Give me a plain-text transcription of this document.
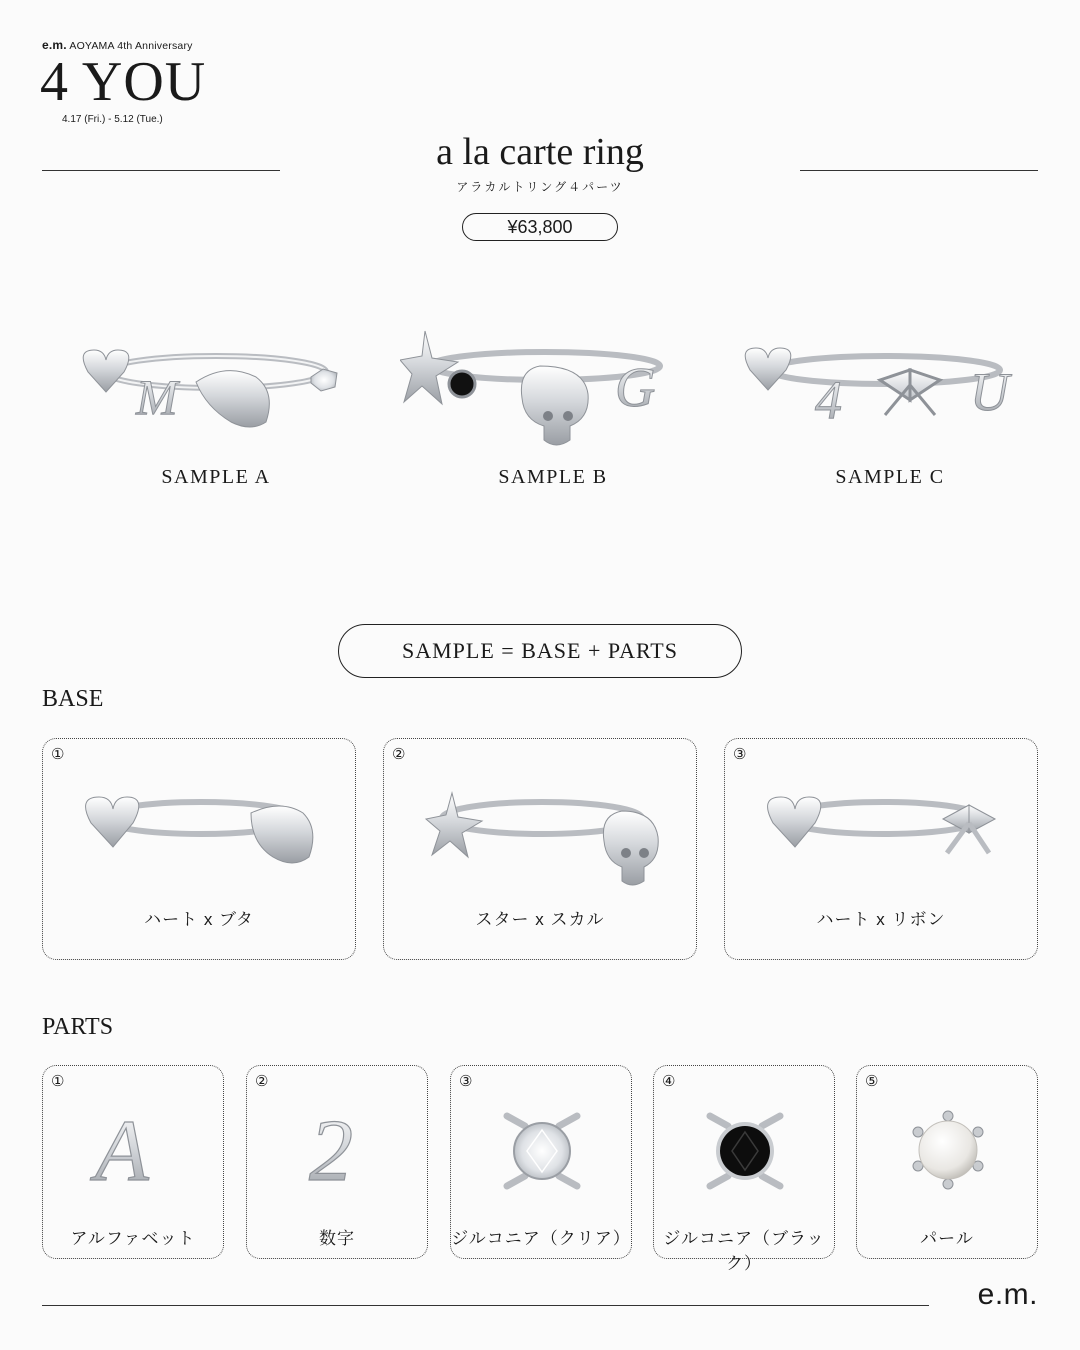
e.m. AOYAMA 4th Anniversary
4 YOU
4.17 (Fri.) - 5.12 (Tue.)
a la carte ring
アラカルトリング４パーツ
¥63,800
M	G	4 U
SAMPLE A	SAMPLE B	SAMPLE C
SAMPLE = BASE + PARTS
BASE
①
ハート x ブタ
②
スター x スカル
③
ハート x リボン
PARTS
①
A
アルファベット
②
2
数字
③
ジルコニア（クリア）
④
ジルコニア（ブラック）
⑤
パール
e.m.
